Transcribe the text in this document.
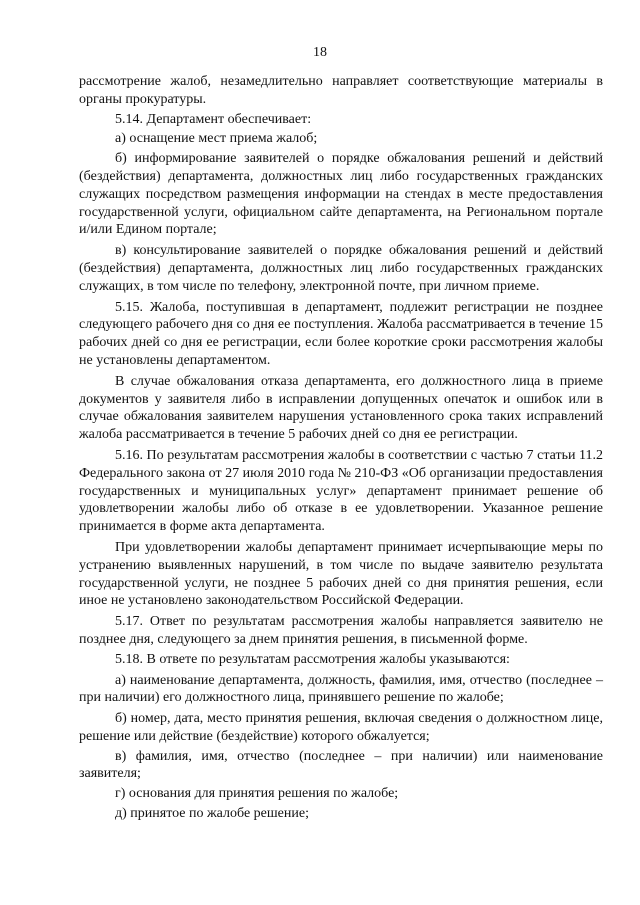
18

рассмотрение жалоб, незамедлительно направляет соответствующие материалы в органы прокуратуры.

5.14. Департамент обеспечивает:

а) оснащение мест приема жалоб;

б) информирование заявителей о порядке обжалования решений и действий (бездействия) департамента, должностных лиц либо государственных гражданских служащих посредством размещения информации на стендах в месте предоставления государственной услуги, официальном сайте департамента, на Региональном портале и/или Едином портале;

в) консультирование заявителей о порядке обжалования решений и действий (бездействия) департамента, должностных лиц либо государственных гражданских служащих, в том числе по телефону, электронной почте, при личном приеме.

5.15. Жалоба, поступившая в департамент, подлежит регистрации не позднее следующего рабочего дня со дня ее поступления. Жалоба рассматривается в течение 15 рабочих дней со дня ее регистрации, если более короткие сроки рассмотрения жалобы не установлены департаментом.

В случае обжалования отказа департамента, его должностного лица в приеме документов у заявителя либо в исправлении допущенных опечаток и ошибок или в случае обжалования заявителем нарушения установленного срока таких исправлений жалоба рассматривается в течение 5 рабочих дней со дня ее регистрации.

5.16. По результатам рассмотрения жалобы в соответствии с частью 7 статьи 11.2 Федерального закона от 27 июля 2010 года № 210-ФЗ «Об организации предоставления государственных и муниципальных услуг» департамент принимает решение об удовлетворении жалобы либо об отказе в ее удовлетворении. Указанное решение принимается в форме акта департамента.

При удовлетворении жалобы департамент принимает исчерпывающие меры по устранению выявленных нарушений, в том числе по выдаче заявителю результата государственной услуги, не позднее 5 рабочих дней со дня принятия решения, если иное не установлено законодательством Российской Федерации.

5.17. Ответ по результатам рассмотрения жалобы направляется заявителю не позднее дня, следующего за днем принятия решения, в письменной форме.

5.18. В ответе по результатам рассмотрения жалобы указываются:

а) наименование департамента, должность, фамилия, имя, отчество (последнее – при наличии) его должностного лица, принявшего решение по жалобе;

б) номер, дата, место принятия решения, включая сведения о должностном лице, решение или действие (бездействие) которого обжалуется;

в) фамилия, имя, отчество (последнее – при наличии) или наименование заявителя;

г) основания для принятия решения по жалобе;

д) принятое по жалобе решение;
